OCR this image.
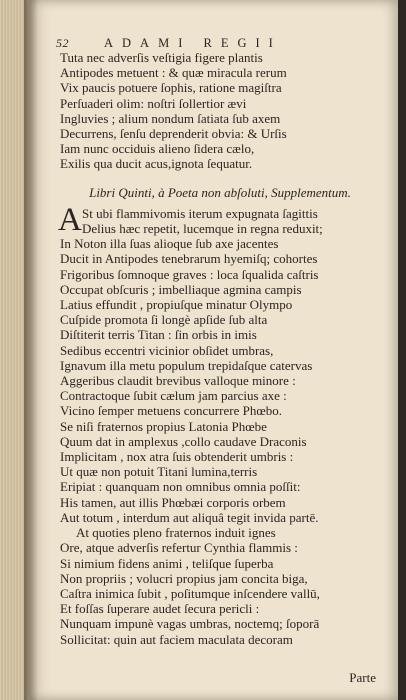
52	ADAMI REGII
Tuta nec adverſis veſtigia figere plantis
Antipodes metuent : & quæ miracula rerum
Vix paucis potuere ſophis, ratione magiſtra
Perſuaderi olim: noſtri ſollertior ævi
Ingluvies ; alium nondum ſatiata ſub axem
Decurrens, ſenſu deprenderit obvia: & Urſis
Iam nunc occiduis alieno ſidera cælo,
Exilis qua ducit acus,ignota ſequatur.
Libri Quinti, à Poeta non abſoluti, Supplementum.
A St ubi flammivomis iterum expugnata ſagittis
Delius hæc repetit, lucemque in regna reduxit;
In Noton illa ſuas alioque ſub axe jacentes
Ducit in Antipodes tenebrarum hyemiſq; cohortes
Frigoribus ſomnoque graves : loca ſqualida caſtris
Occupat obſcuris ; imbelliaque agmina campis
Latius effundit , propiuſque minatur Olympo
Cuſpide promota ſi longè apſide ſub alta
Diſtiterit terris Titan : ſin orbis in imis
Sedibus eccentri vicinior obſidet umbras,
Ignavum illa metu populum trepidaſque catervas
Aggeribus claudit brevibus valloque minore :
Contractoque ſubit cælum jam parcius axe :
Vicino ſemper metuens concurrere Phœbo.
Se niſi fraternos propius Latonia Phœbe
Quum dat in amplexus ,collo caudave Draconis
Implicitam , nox atra ſuis obtenderit umbris :
Ut quæ non potuit Titani lumina,terris
Eripiat : quanquam non omnibus omnia poſſit:
His tamen, aut illis Phœbæi corporis orbem
Aut totum , interdum aut aliquâ tegit invida partē.
At quoties pleno fraternos induit ignes
Ore, atque adverſis refertur Cynthia flammis :
Si nimium fidens animi , teliſque ſuperba
Non propriis ; volucri propius jam concita biga,
Caſtra inimica ſubit , poſitumque inſcendere vallū,
Et foſſas ſuperare audet ſecura pericli :
Nunquam impunè vagas umbras, noctemq; ſoporā
Sollicitat: quin aut faciem maculata decoram
Parte
